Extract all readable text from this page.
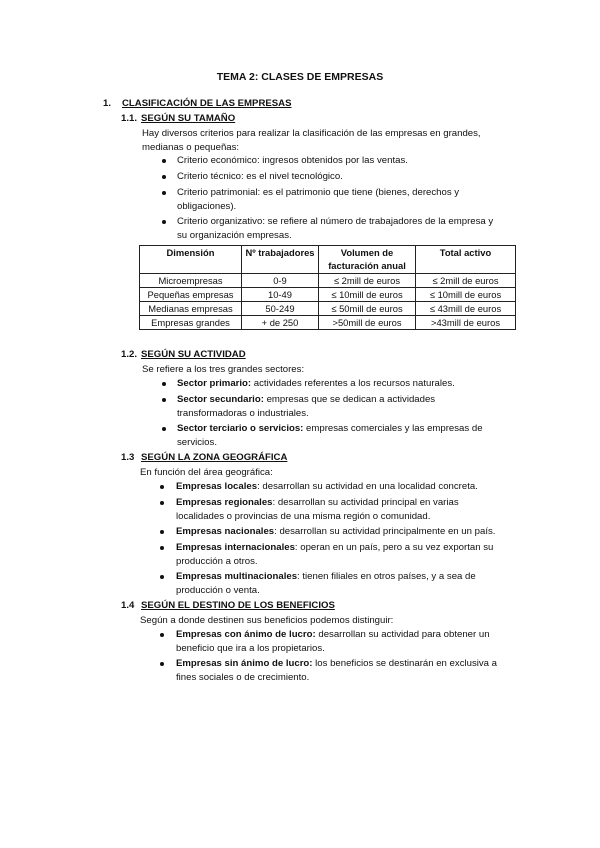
TEMA 2: CLASES DE EMPRESAS
1. CLASIFICACIÓN DE LAS EMPRESAS
1.1. SEGÚN SU TAMAÑO
Hay diversos criterios para realizar la clasificación de las empresas en grandes,
medianas o pequeñas:
Criterio económico: ingresos obtenidos por las ventas.
Criterio técnico: es el nivel tecnológico.
Criterio patrimonial: es el patrimonio que tiene (bienes, derechos y
obligaciones).
Criterio organizativo: se refiere al número de trabajadores de la empresa y
su organización empresas.
Dimensión	Nº trabajadores	Volumen de facturación anual	Total activo
Microempresas	0-9	≤ 2mill de euros	≤ 2mill de euros
Pequeñas empresas	10-49	≤ 10mill de euros	≤ 10mill de euros
Medianas empresas	50-249	≤ 50mill de euros	≤ 43mill de euros
Empresas grandes	+ de 250	>50mill de euros	>43mill de euros
1.2. SEGÚN SU ACTIVIDAD
Se refiere a los tres grandes sectores:
Sector primario: actividades referentes a los recursos naturales.
Sector secundario: empresas que se dedican a actividades
transformadoras o industriales.
Sector terciario o servicios: empresas comerciales y las empresas de
servicios.
1.3 SEGÚN LA ZONA GEOGRÁFICA
En función del área geográfica:
Empresas locales: desarrollan su actividad en una localidad concreta.
Empresas regionales: desarrollan su actividad principal en varias
localidades o provincias de una misma región o comunidad.
Empresas nacionales: desarrollan su actividad principalmente en un país.
Empresas internacionales: operan en un país, pero a su vez exportan su
producción a otros.
Empresas multinacionales: tienen filiales en otros países, y a sea de
producción o venta.
1.4 SEGÚN EL DESTINO DE LOS BENEFICIOS
Según a donde destinen sus beneficios podemos distinguir:
Empresas con ánimo de lucro: desarrollan su actividad para obtener un
beneficio que ira a los propietarios.
Empresas sin ánimo de lucro: los beneficios se destinarán en exclusiva a
fines sociales o de crecimiento.
